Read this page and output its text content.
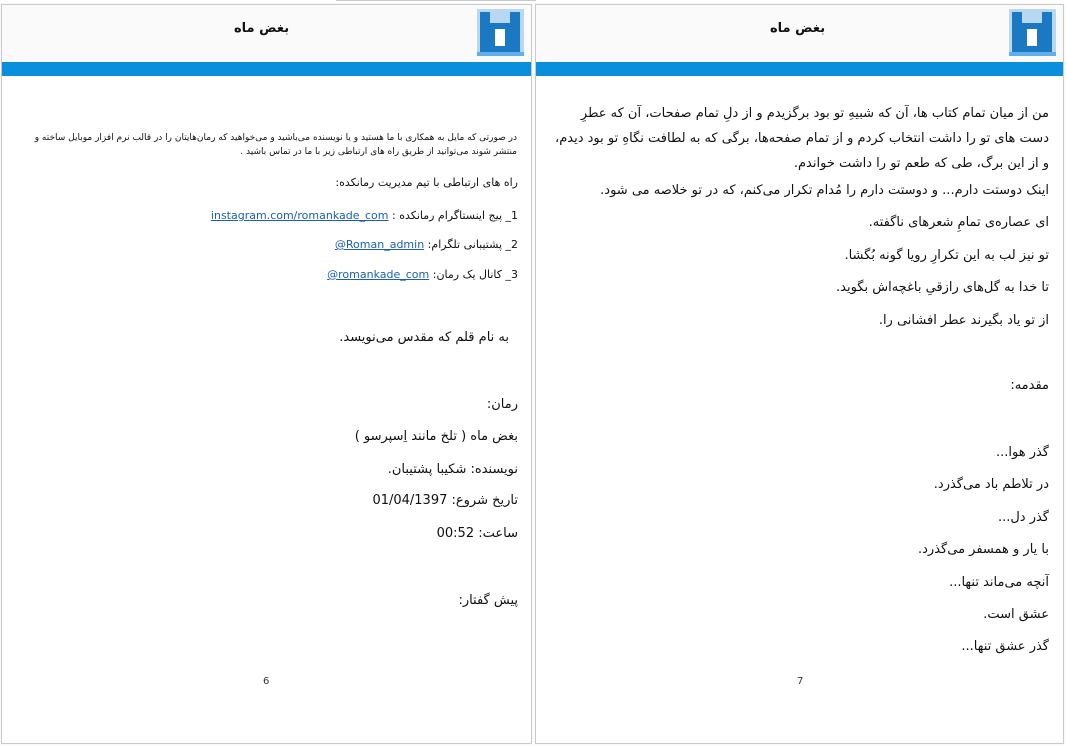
بغض ماه
در صورتی که مایل به همکاری با ما هستید و یا نویسنده می‌باشید و می‌خواهید که رمان‌هایتان را در قالب نرم افزار موبایل ساخته و منتشر شوند می‌توانید از طریق راه های ارتباطی زیر با ما در تماس باشید .
راه های ارتباطی با تیم مدیریت رمانکده:
1_ پیج اینستاگرام رمانکده : instagram.com/romankade_com
2_ پشتیبانی تلگرام: @Roman_admin
3_ کانال یک رمان: @romankade_com
به نام قلم که مقدس می‌نویسد.
رمان:
بغض ماه ( تلخ مانند اِسپرسو )
نویسنده: شکیبا پشتیبان.
تاریخ شروع: 01/04/1397
ساعت: 00:52
پیش گفتار:
6
بغض ماه

من از میان تمام کتاب ها، آن که شبیهِ تو بود برگزیدم و از دلِ تمام صفحات، آن که عطرِ

دست های تو را داشت انتخاب کردم و از تمام صفحه‌ها، برگی که به لطافت نگاهِ تو بود دیدم،

و از این برگ، طی که طعم تو را داشت خواندم.

اینک دوستت دارم... و دوستت دارم را مُدام تکرار می‌کنم، که در تو خلاصه می شود.
ای عصاره‌ی تمامِ شعرهای ناگفته.
تو نیز لب به این تکرارِ رویا گونه بُگشا.
تا خدا به گل‌های رازقیِ باغچه‌اش بگوید.
از تو یاد بگیرند عطر افشانی را.
مقدمه:
گذر هوا...
در تلاطم باد می‌گذرد.
گذر دل...
با یار و همسفر می‌گذرد.
آنچه می‌ماند تنها...
عشق است.
گذر عشق تنها...
7
